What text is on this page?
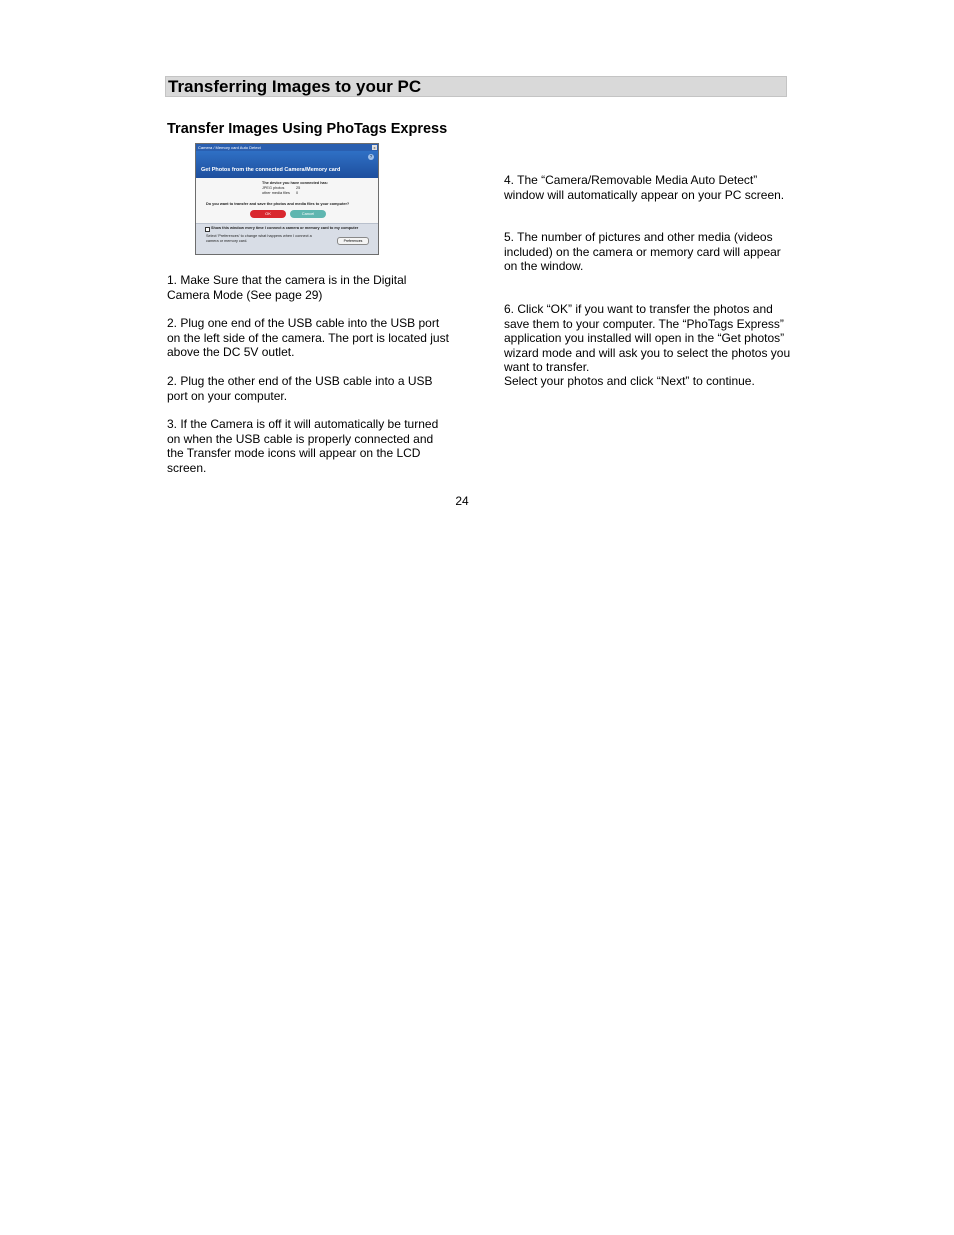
Transferring Images to your PC
Transfer Images Using PhoTags Express
Camera / Memory card Auto Detect	x
?
Get Photos from the connected Camera/Memory card
The device you have connected has:
JPEG photos	25
other media files 0
Do you want to transfer and save the photos and media files to your computer?
OK	Cancel
Show this window every time I connect a camera or memory card to my computer
Select 'Preferences' to change what happens when I connect a
camera or memory card.	Preferences

1. Make Sure that the camera is in the Digital Camera Mode (See page 29)

2. Plug one end of the USB cable into the USB port on the left side of the camera. The port is located just above the DC 5V outlet.

2. Plug the other end of the USB cable into a USB port on your computer.

3. If the Camera is off it will automatically be turned on when the USB cable is properly connected and the Transfer mode icons will appear on the LCD screen.

4. The “Camera/Removable Media Auto Detect” window will automatically appear on your PC screen.

5. The number of pictures and other media (videos included) on the camera or memory card will appear on the window.

6. Click “OK” if you want to transfer the photos and save them to your computer. The “PhoTags Express” application you installed will open in the “Get photos” wizard mode and will ask you to select the photos you want to transfer.

Select your photos and click “Next” to continue.

24
